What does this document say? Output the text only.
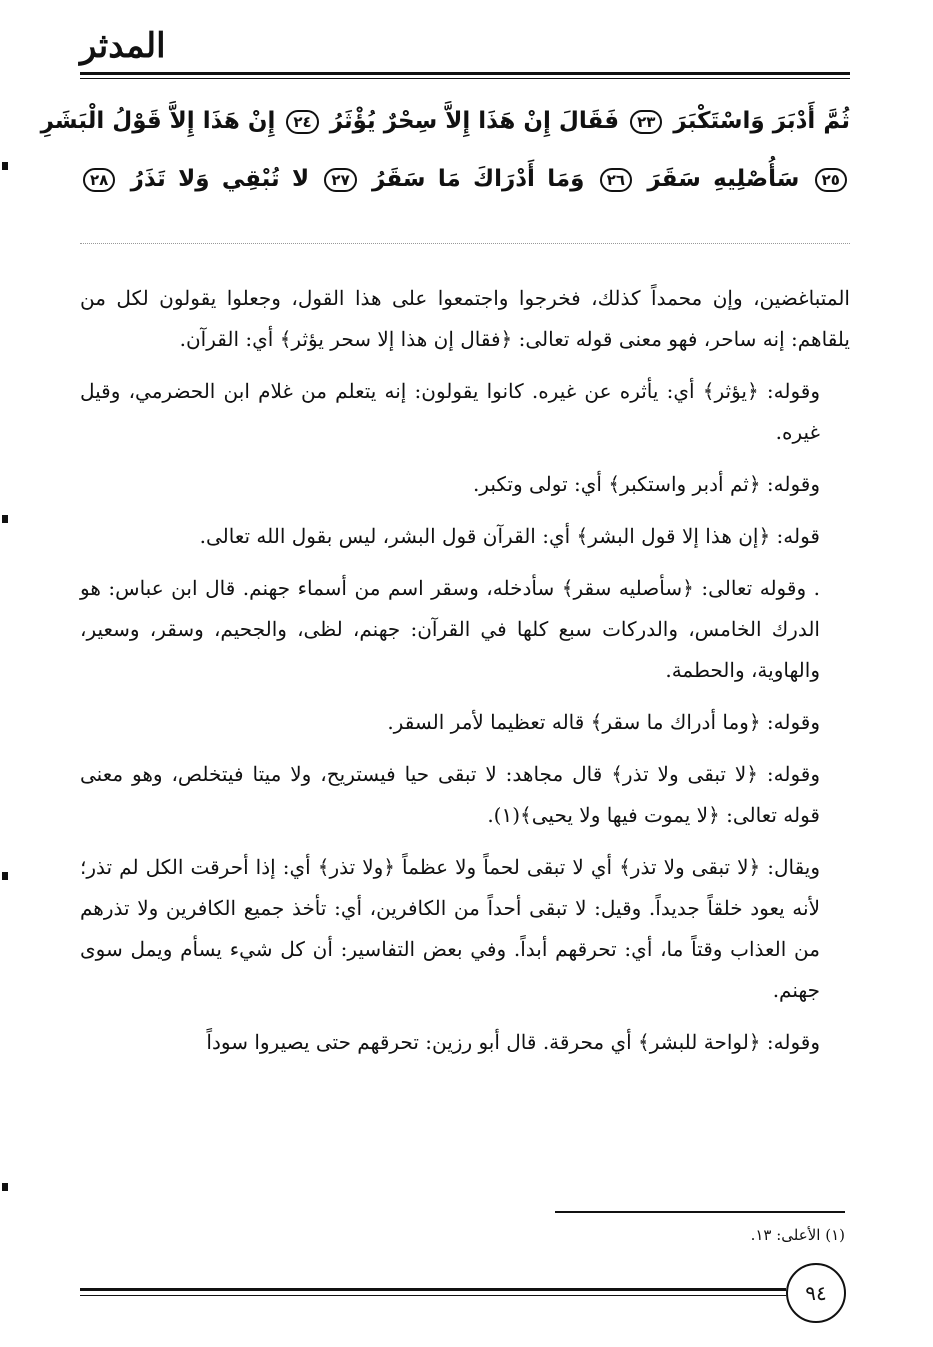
المدثر
ثُمَّ أَدْبَرَ وَاسْتَكْبَرَ ٢٣ فَقَالَ إِنْ هَذَا إِلاَّ سِحْرٌ يُؤْثَرُ ٢٤ إِنْ هَذَا إِلاَّ قَوْلُ الْبَشَرِ
٢٥ سَأُصْلِيهِ سَقَرَ ٢٦ وَمَا أَدْرَاكَ مَا سَقَرُ ٢٧ لا تُبْقِي وَلا تَذَرُ ٢٨

المتباغضين، وإن محمداً كذلك، فخرجوا واجتمعوا على هذا القول، وجعلوا يقولون لكل من يلقاهم: إنه ساحر، فهو معنى قوله تعالى: ﴿فقال إن هذا إلا سحر يؤثر﴾ أي: القرآن.

وقوله: ﴿يؤثر﴾ أي: يأثره عن غيره. كانوا يقولون: إنه يتعلم من غلام ابن الحضرمي، وقيل غيره.

وقوله: ﴿ثم أدبر واستكبر﴾ أي: تولى وتكبر.

قوله: ﴿إن هذا إلا قول البشر﴾ أي: القرآن قول البشر، ليس بقول الله تعالى.

. وقوله تعالى: ﴿سأصليه سقر﴾ سأدخله، وسقر اسم من أسماء جهنم. قال ابن عباس: هو الدرك الخامس، والدركات سبع كلها في القرآن: جهنم، لظى، والجحيم، وسقر، وسعير، والهاوية، والحطمة.

وقوله: ﴿وما أدراك ما سقر﴾ قاله تعظيما لأمر السقر.

وقوله: ﴿لا تبقى ولا تذر﴾ قال مجاهد: لا تبقى حيا فيستريح، ولا ميتا فيتخلص، وهو معنى قوله تعالى: ﴿لا يموت فيها ولا يحيى﴾(١).

ويقال: ﴿لا تبقى ولا تذر﴾ أي لا تبقى لحماً ولا عظماً ﴿ولا تذر﴾ أي: إذا أحرقت الكل لم تذر؛ لأنه يعود خلقاً جديداً. وقيل: لا تبقى أحداً من الكافرين، أي: تأخذ جميع الكافرين ولا تذرهم من العذاب وقتاً ما، أي: تحرقهم أبداً. وفي بعض التفاسير: أن كل شيء يسأم ويمل سوى جهنم.

وقوله: ﴿لواحة للبشر﴾ أي محرقة. قال أبو رزين: تحرقهم حتى يصيروا سوداً

(١) الأعلى: ١٣.
٩٤
